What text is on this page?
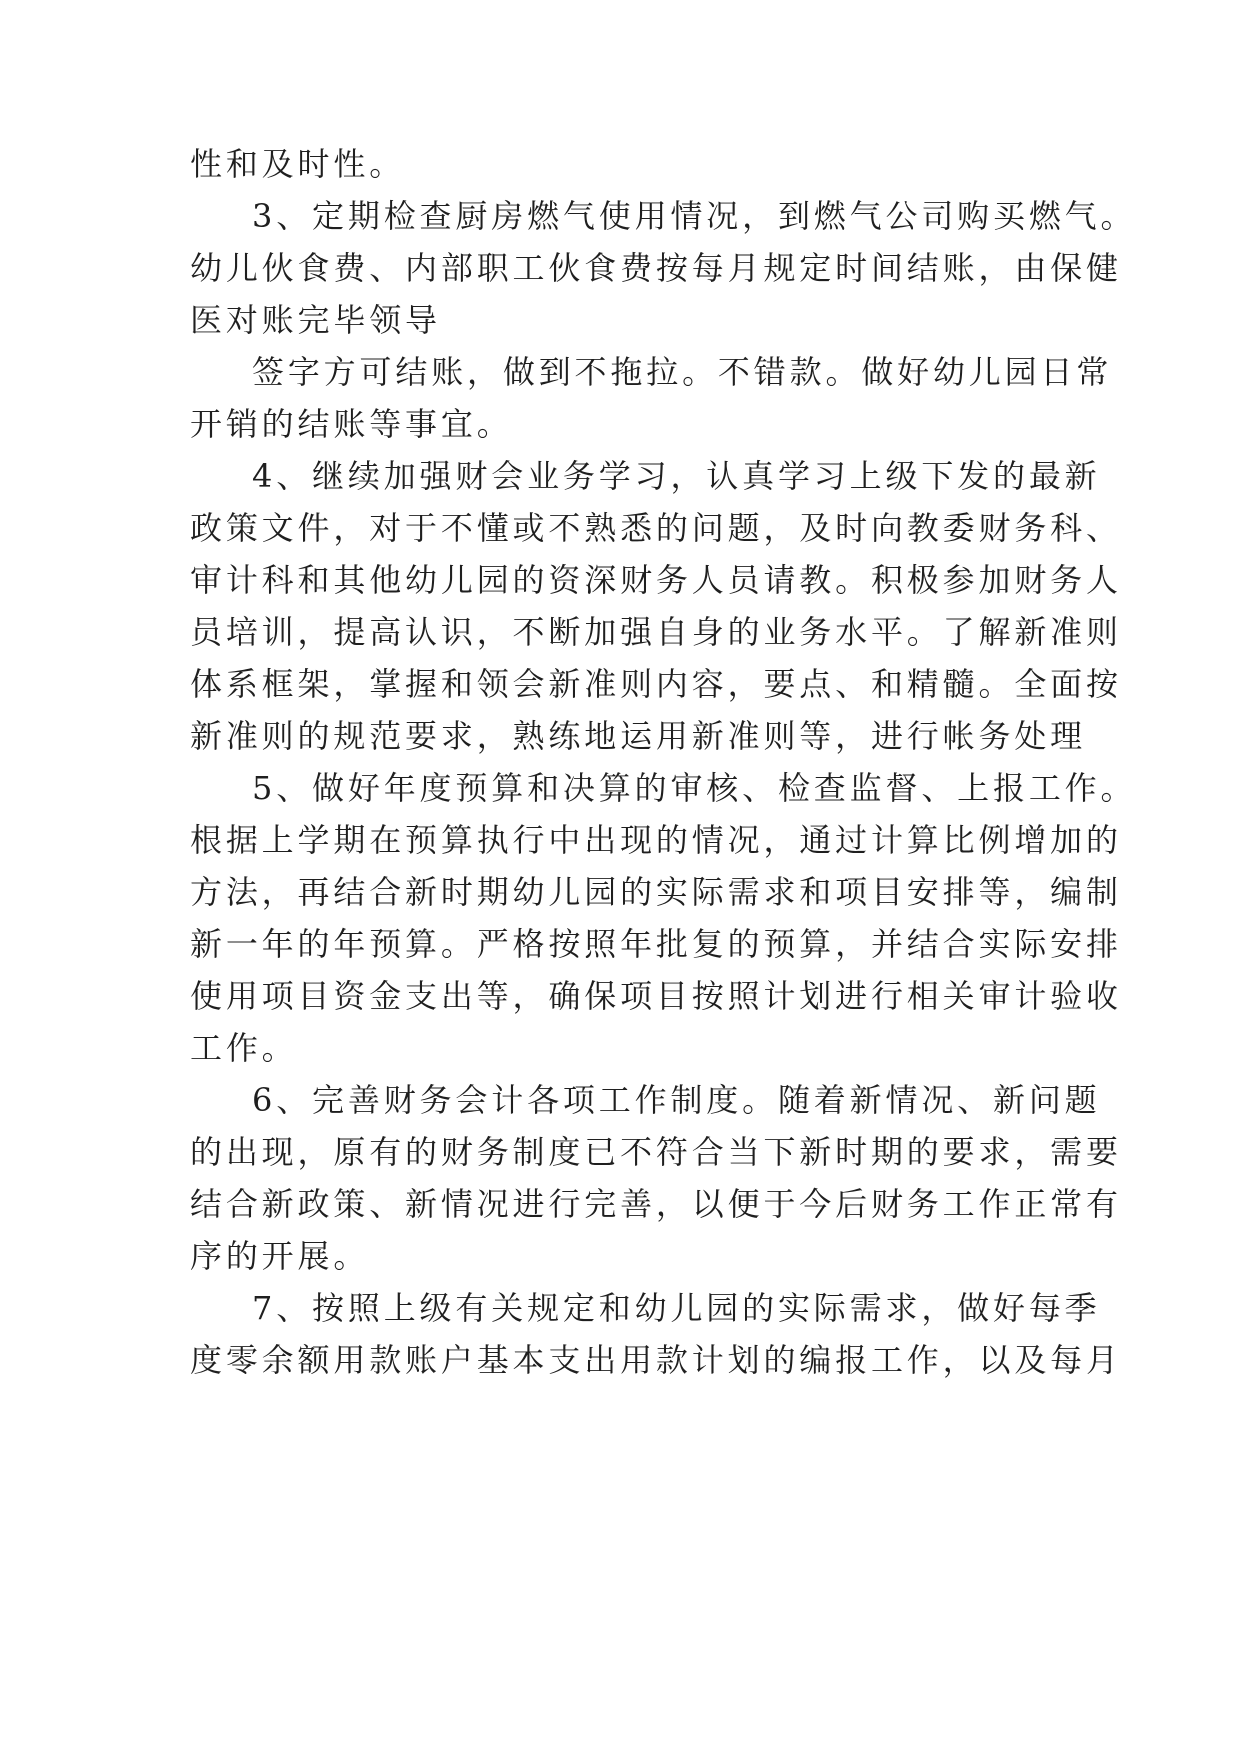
性和及时性。
3、定期检查厨房燃气使用情况，到燃气公司购买燃气。
幼儿伙食费、内部职工伙食费按每月规定时间结账，由保健
医对账完毕领导
签字方可结账，做到不拖拉。不错款。做好幼儿园日常
开销的结账等事宜。
4、继续加强财会业务学习，认真学习上级下发的最新
政策文件，对于不懂或不熟悉的问题，及时向教委财务科、
审计科和其他幼儿园的资深财务人员请教。积极参加财务人
员培训，提高认识，不断加强自身的业务水平。了解新准则
体系框架，掌握和领会新准则内容，要点、和精髓。全面按
新准则的规范要求，熟练地运用新准则等，进行帐务处理
5、做好年度预算和决算的审核、检查监督、上报工作。
根据上学期在预算执行中出现的情况，通过计算比例增加的
方法，再结合新时期幼儿园的实际需求和项目安排等，编制
新一年的年预算。严格按照年批复的预算，并结合实际安排
使用项目资金支出等，确保项目按照计划进行相关审计验收
工作。
6、完善财务会计各项工作制度。随着新情况、新问题
的出现，原有的财务制度已不符合当下新时期的要求，需要
结合新政策、新情况进行完善，以便于今后财务工作正常有
序的开展。
7、按照上级有关规定和幼儿园的实际需求，做好每季
度零余额用款账户基本支出用款计划的编报工作，以及每月
